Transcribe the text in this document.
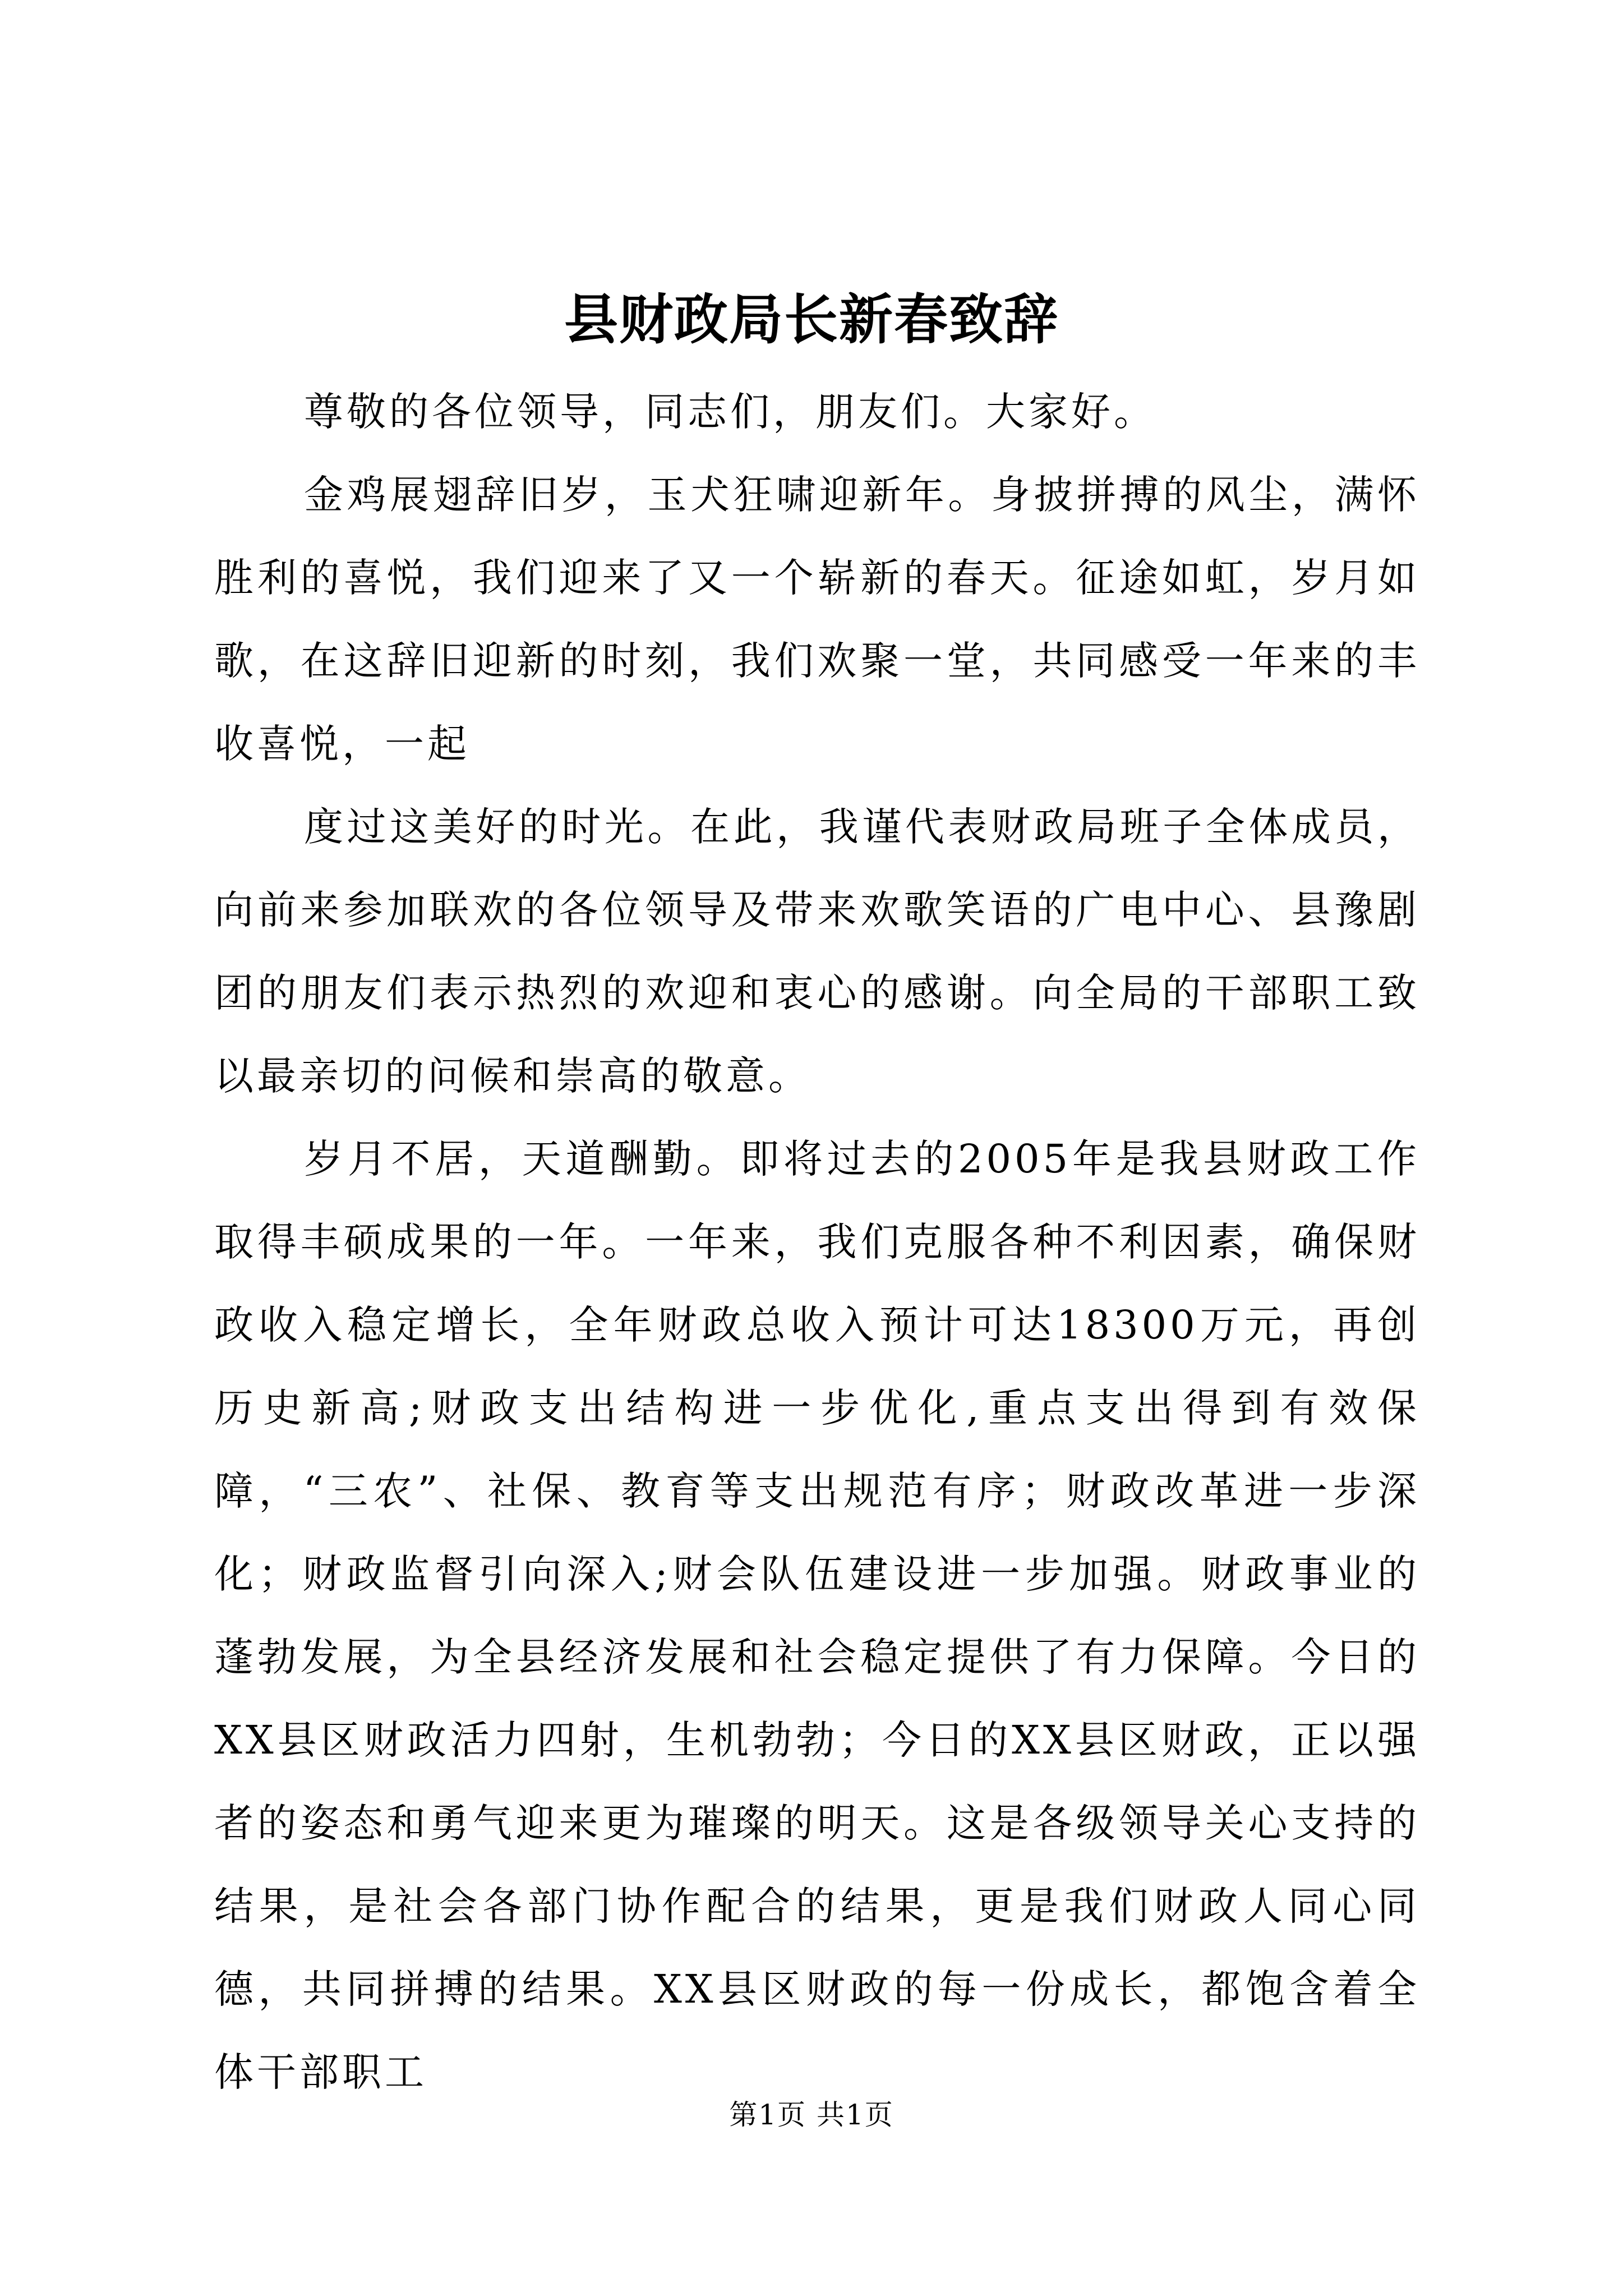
县财政局长新春致辞

尊敬的各位领导，同志们，朋友们。大家好。

金鸡展翅辞旧岁，玉犬狂啸迎新年。身披拼搏的风尘，满怀胜利的喜悦，我们迎来了又一个崭新的春天。征途如虹，岁月如歌，在这辞旧迎新的时刻，我们欢聚一堂，共同感受一年来的丰收喜悦，一起

度过这美好的时光。在此，我谨代表财政局班子全体成员，向前来参加联欢的各位领导及带来欢歌笑语的广电中心、县豫剧团的朋友们表示热烈的欢迎和衷心的感谢。向全局的干部职工致以最亲切的问候和崇高的敬意。

岁月不居，天道酬勤。即将过去的2005年是我县财政工作取得丰硕成果的一年。一年来，我们克服各种不利因素，确保财政收入稳定增长，全年财政总收入预计可达18300万元，再创历史新高;财政支出结构进一步优化,重点支出得到有效保障，“三农”、社保、教育等支出规范有序；财政改革进一步深化；财政监督引向深入;财会队伍建设进一步加强。财政事业的蓬勃发展，为全县经济发展和社会稳定提供了有力保障。今日的XX县区财政活力四射，生机勃勃；今日的XX县区财政，正以强者的姿态和勇气迎来更为璀璨的明天。这是各级领导关心支持的结果，是社会各部门协作配合的结果，更是我们财政人同心同德，共同拼搏的结果。XX县区财政的每一份成长，都饱含着全体干部职工

第1页 共1页
